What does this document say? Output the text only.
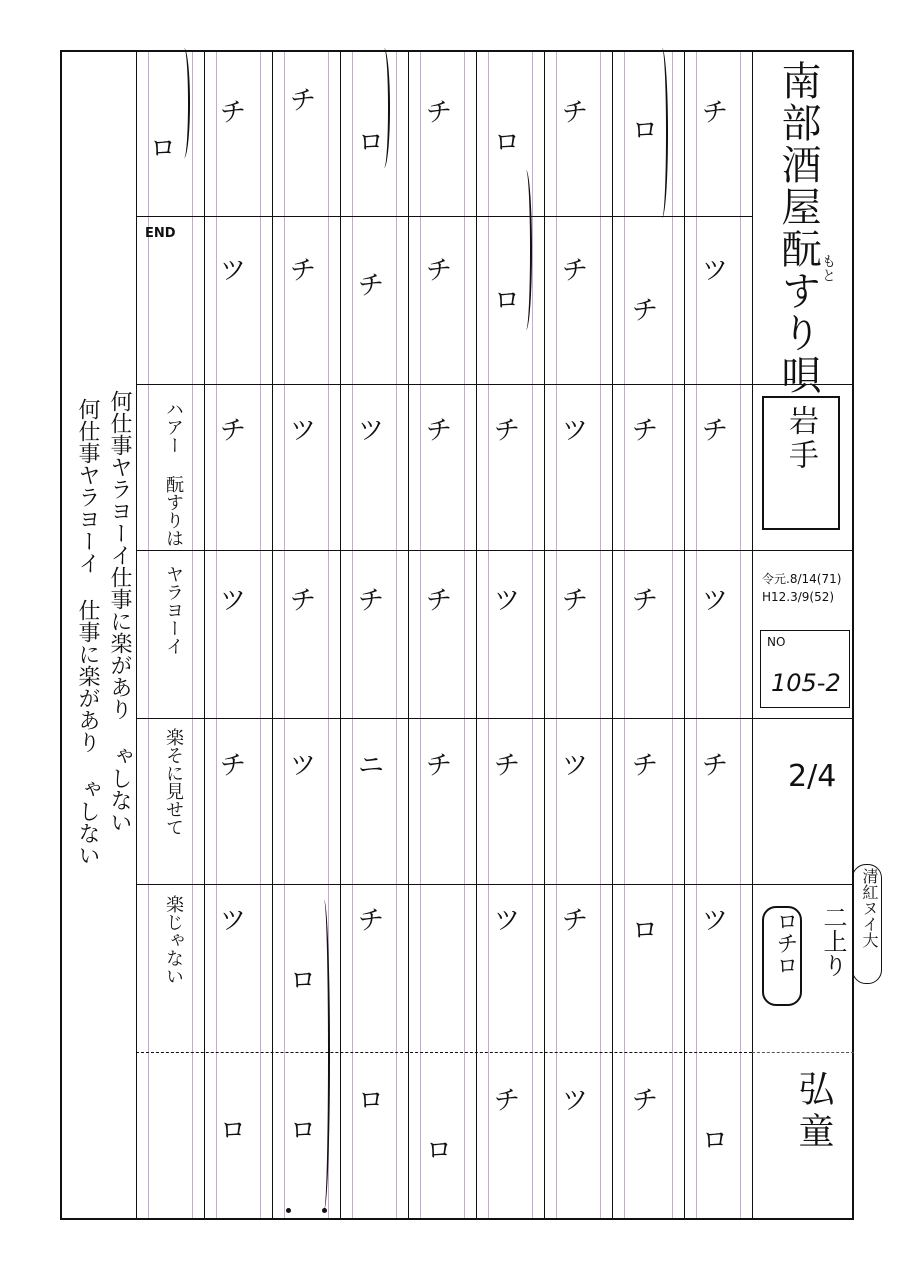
南部酒屋酛すり唄 もと
岩手
令元.8/14(71)
H12.3/9(52)
NO
105-2
2/4
二上り
ロチロ	清紅ヌイ大
弘童
何仕事ヤラヨーイ 仕事に楽があり ゃしない 何仕事ヤラヨーイ仕事に楽があり ゃしない
END
ハアー 酛すりは
ヤラヨーイ
楽そに見せて
楽じゃない
ロ
チ
ツ
チ
ツ
チ
ツ
ロ
チ
チ
ツ
チ
ツ
ロ
ロ
ロ
チ
ツ
チ
ニ
チ
ロ
チ
チ
チ
チ
チ
ロ
ロ
ロ
チ
ツ
チ
ツ
チ
チ
チ
ツ
チ
ツ
チ
ツ
ロ
チ
チ
チ
チ
ロ
チ
チ
ツ
チ
ツ
チ
ツ
ロ
